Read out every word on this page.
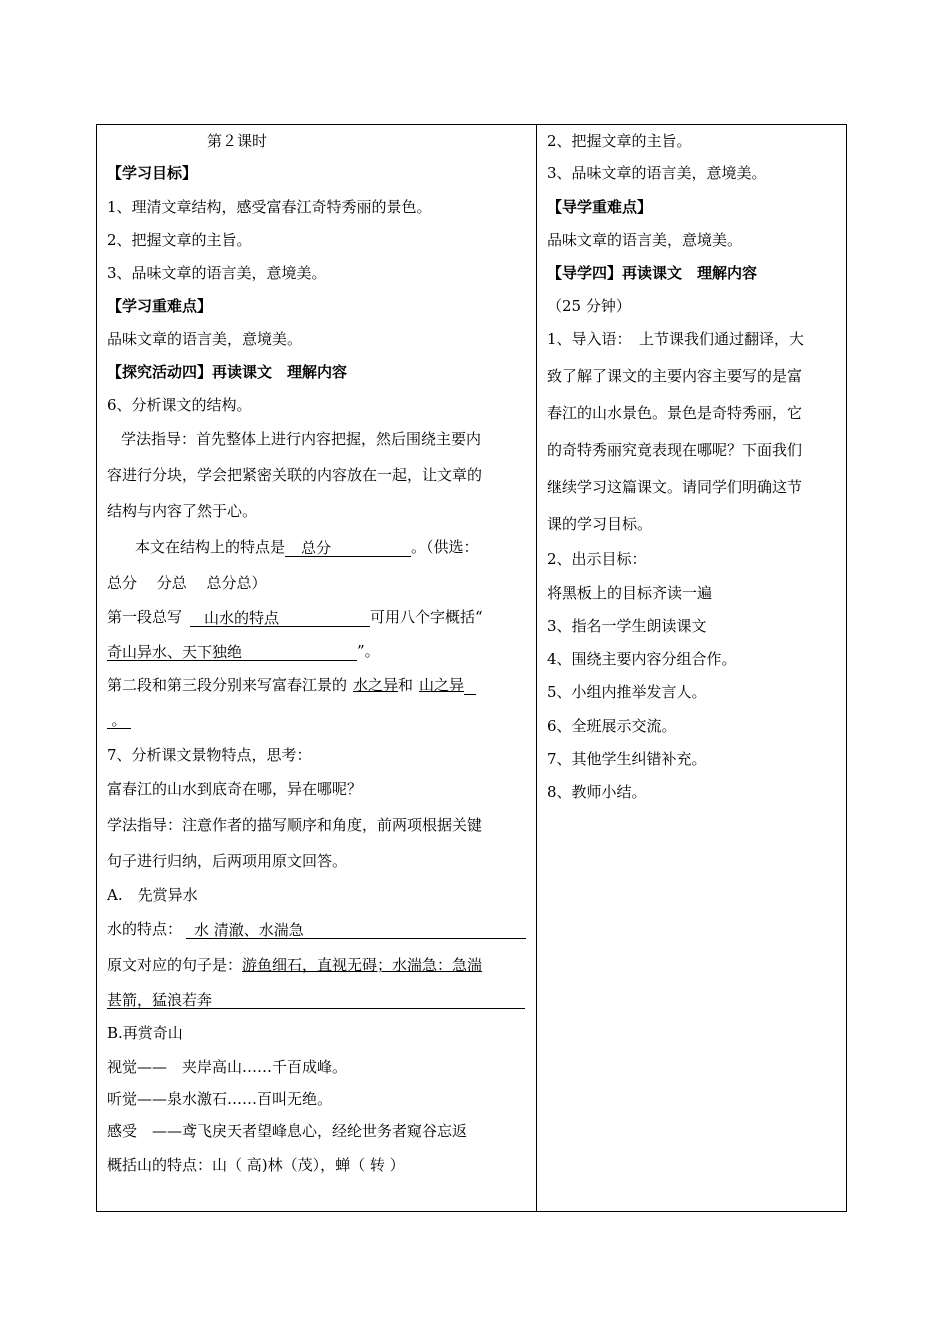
第２课时
【学习目标】
1、理清文章结构，感受富春江奇特秀丽的景色。
2、把握文章的主旨。
3、品味文章的语言美，意境美。
【学习重难点】
品味文章的语言美，意境美。
【探究活动四】再读课文　理解内容
6、分析课文的结构。
学法指导：首先整体上进行内容把握，然后围绕主要内
容进行分块，学会把紧密关联的内容放在一起，让文章的
结构与内容了然于心。
本文在结构上的特点是 总分	。（供选：
总分　 分总　 总分总）
第一段总写 山水的特点	可用八个字概括“
奇山异水、天下独绝	”。
第二段和第三段分别来写富春江景的 水之异和 山之异
。
7、分析课文景物特点，思考：
富春江的山水到底奇在哪，异在哪呢？
学法指导：注意作者的描写顺序和角度，前两项根据关键
句子进行归纳，后两项用原文回答。
A.　先赏异水
水的特点： 水 清澈、水湍急
原文对应的句子是：游鱼细石，直视无碍；水湍急：急湍
甚箭，猛浪若奔
B.再赏奇山
视觉——　夹岸高山……千百成峰。
听觉——泉水激石……百叫无绝。
感受　——鸢飞戾天者望峰息心，经纶世务者窥谷忘返
概括山的特点：山（ 高)林（茂），蝉（ 转 ）
2、把握文章的主旨。
3、品味文章的语言美，意境美。
【导学重难点】
品味文章的语言美，意境美。
【导学四】再读课文　理解内容
（25 分钟）
1、导入语：　上节课我们通过翻译，大
致了解了课文的主要内容主要写的是富
春江的山水景色。景色是奇特秀丽，它
的奇特秀丽究竟表现在哪呢？下面我们
继续学习这篇课文。请同学们明确这节
课的学习目标。
2、出示目标：
将黑板上的目标齐读一遍
3、指名一学生朗读课文
4、围绕主要内容分组合作。
5、小组内推举发言人。
6、全班展示交流。
7、其他学生纠错补充。
8、教师小结。
